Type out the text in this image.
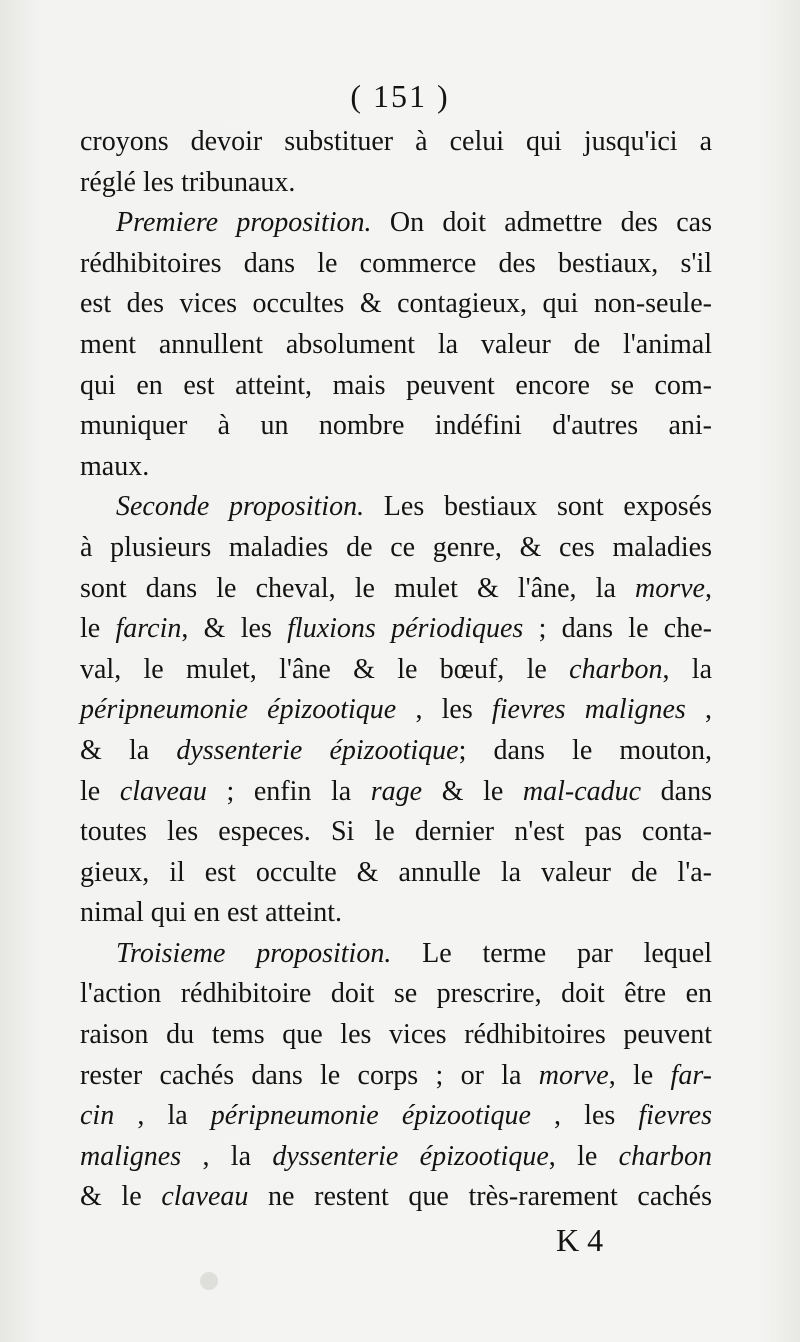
( 151 )
croyons devoir substituer à celui qui jusqu'ici a
réglé les tribunaux.
Premiere proposition. On doit admettre des cas
rédhibitoires dans le commerce des bestiaux, s'il
est des vices occultes & contagieux, qui non-seule-
ment annullent absolument la valeur de l'animal
qui en est atteint, mais peuvent encore se com-
muniquer à un nombre indéfini d'autres ani-
maux.
Seconde proposition. Les bestiaux sont exposés
à plusieurs maladies de ce genre, & ces maladies
sont dans le cheval, le mulet & l'âne, la morve,
le farcin, & les fluxions périodiques ; dans le che-
val, le mulet, l'âne & le bœuf, le charbon, la
péripneumonie épizootique , les fievres malignes ,
& la dyssenterie épizootique; dans le mouton,
le claveau ; enfin la rage & le mal-caduc dans
toutes les especes. Si le dernier n'est pas conta-
gieux, il est occulte & annulle la valeur de l'a-
nimal qui en est atteint.
Troisieme proposition. Le terme par lequel
l'action rédhibitoire doit se prescrire, doit être en
raison du tems que les vices rédhibitoires peuvent
rester cachés dans le corps ; or la morve, le far-
cin , la péripneumonie épizootique , les fievres
malignes , la dyssenterie épizootique, le charbon
& le claveau ne restent que très-rarement cachés
K 4
